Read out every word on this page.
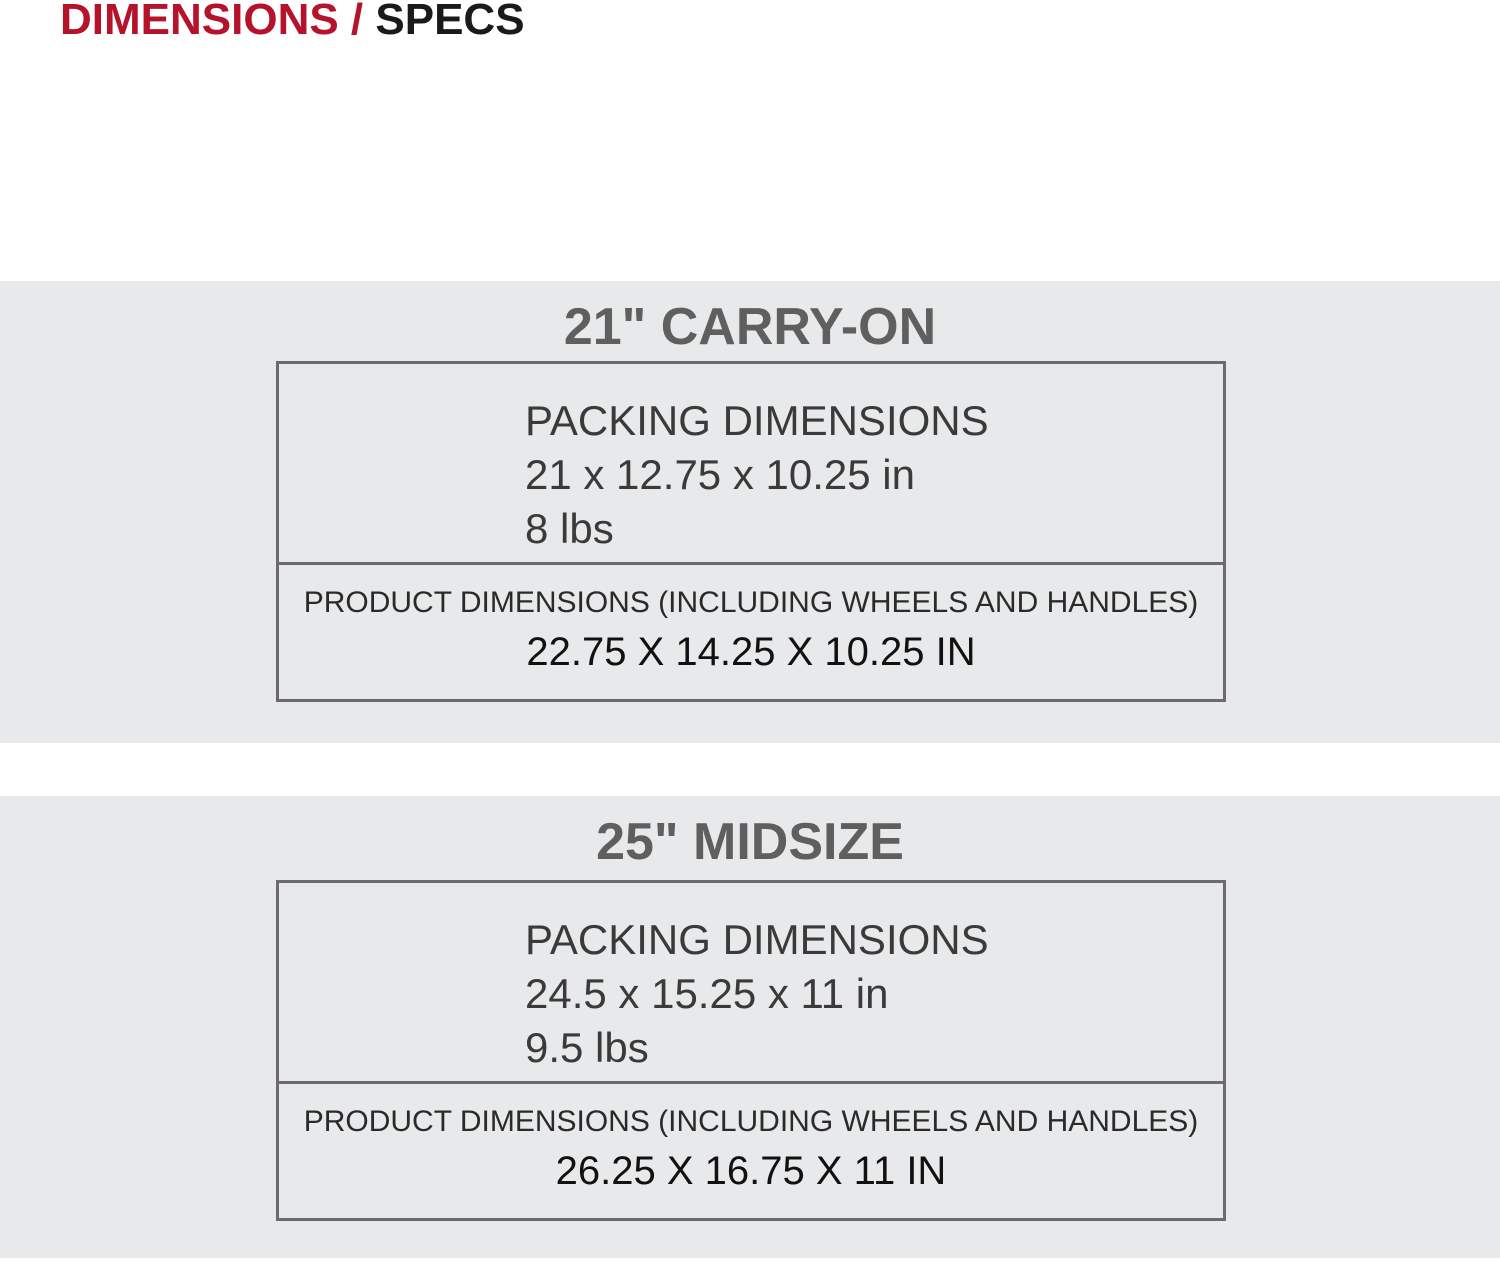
DIMENSIONS / SPECS
21" CARRY-ON
PACKING DIMENSIONS
21 x 12.75 x 10.25 in
8 lbs
PRODUCT DIMENSIONS (INCLUDING WHEELS AND HANDLES)
22.75 X 14.25 X 10.25 IN
25" MIDSIZE
PACKING DIMENSIONS
24.5 x 15.25 x 11 in
9.5 lbs
PRODUCT DIMENSIONS (INCLUDING WHEELS AND HANDLES)
26.25 X 16.75 X 11 IN
